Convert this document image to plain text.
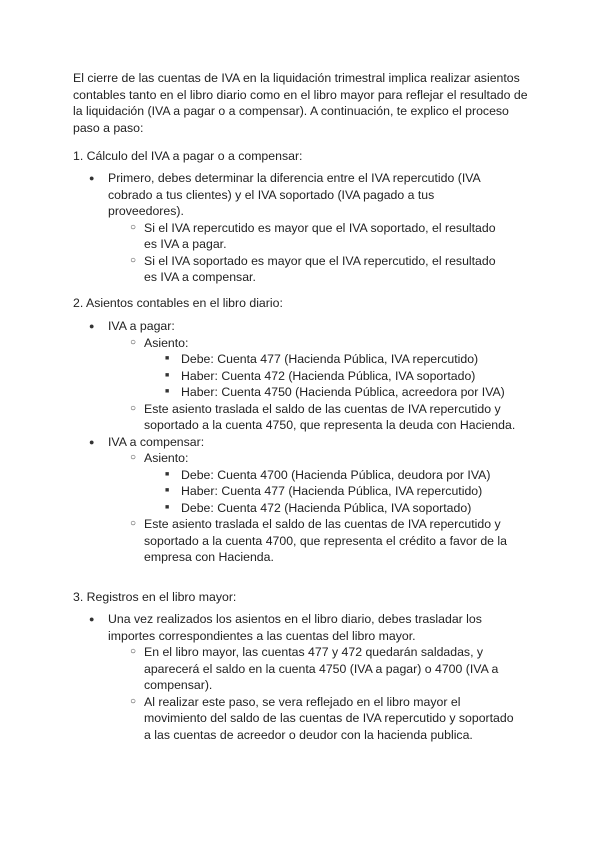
El cierre de las cuentas de IVA en la liquidación trimestral implica realizar asientos contables tanto en el libro diario como en el libro mayor para reflejar el resultado de la liquidación (IVA a pagar o a compensar). A continuación, te explico el proceso paso a paso:

1. Cálculo del IVA a pagar o a compensar:

● Primero, debes determinar la diferencia entre el IVA repercutido (IVA cobrado a tus clientes) y el IVA soportado (IVA pagado a tus proveedores).
○ Si el IVA repercutido es mayor que el IVA soportado, el resultado es IVA a pagar.
○ Si el IVA soportado es mayor que el IVA repercutido, el resultado es IVA a compensar.

2. Asientos contables en el libro diario:

● IVA a pagar:
○ Asiento:
■ Debe: Cuenta 477 (Hacienda Pública, IVA repercutido)
■ Haber: Cuenta 472 (Hacienda Pública, IVA soportado)
■ Haber: Cuenta 4750 (Hacienda Pública, acreedora por IVA)
○ Este asiento traslada el saldo de las cuentas de IVA repercutido y soportado a la cuenta 4750, que representa la deuda con Hacienda.
● IVA a compensar:
○ Asiento:
■ Debe: Cuenta 4700 (Hacienda Pública, deudora por IVA)
■ Haber: Cuenta 477 (Hacienda Pública, IVA repercutido)
■ Debe: Cuenta 472 (Hacienda Pública, IVA soportado)
○ Este asiento traslada el saldo de las cuentas de IVA repercutido y soportado a la cuenta 4700, que representa el crédito a favor de la empresa con Hacienda.

3. Registros en el libro mayor:

● Una vez realizados los asientos en el libro diario, debes trasladar los importes correspondientes a las cuentas del libro mayor.
○ En el libro mayor, las cuentas 477 y 472 quedarán saldadas, y aparecerá el saldo en la cuenta 4750 (IVA a pagar) o 4700 (IVA a compensar).
○ Al realizar este paso, se vera reflejado en el libro mayor el movimiento del saldo de las cuentas de IVA repercutido y soportado a las cuentas de acreedor o deudor con la hacienda publica.
